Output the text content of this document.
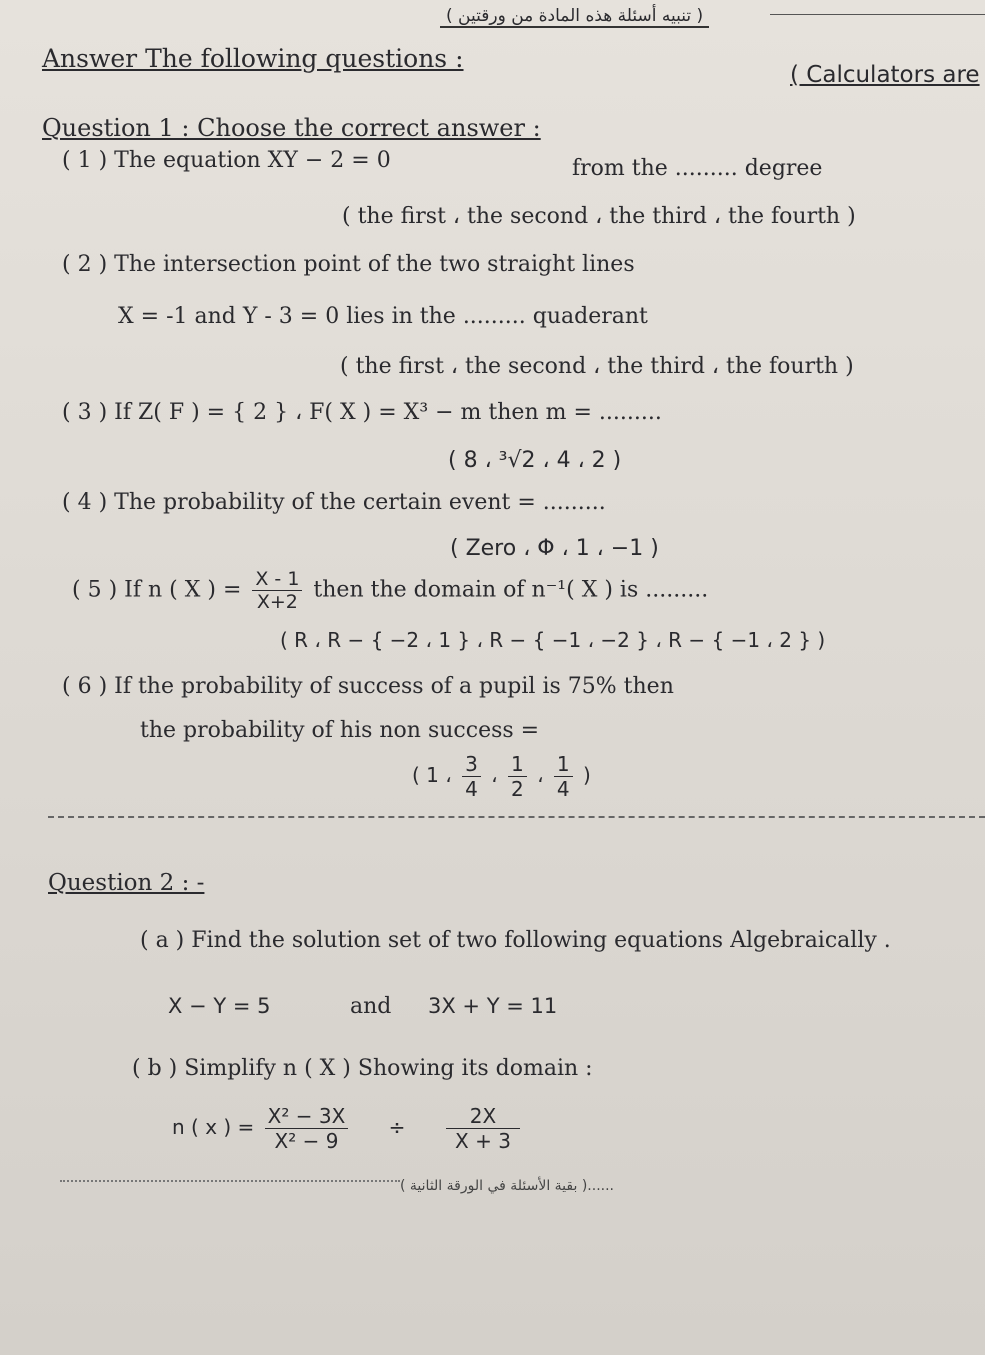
( تنبيه أسئلة هذه المادة من ورقتين )
Answer The following questions :
( Calculators are
Question 1 : Choose the correct answer :
( 1 ) The equation XY − 2 = 0	from the ......... degree
( the first ، the second ، the third ، the fourth )
( 2 ) The intersection point of the two straight lines
X = -1 and Y - 3 = 0 lies in the ......... quaderant
( the first ، the second ، the third ، the fourth )
( 3 ) If Z( F ) = { 2 } ، F( X ) = X³ − m then m = .........
( 8 ، ³√2 ، 4 ، 2 )
( 4 ) The probability of the certain event = .........
( Zero ، Φ ، 1 ، −1 )
( 5 ) If n ( X ) = $\frac{X - 1}{X+2}$ then the domain of n⁻¹( X ) is .........
( R ، R − { −2 ، 1 } ، R − { −1 ، −2 } ، R − { −1 ، 2 } )
( 6 ) If the probability of success of a pupil is 75% then
the probability of his non success =
( 1 ، $\frac{3}{4}$ ، $\frac{1}{2}$ ، $\frac{1}{4}$ )
Question 2 : -
( a ) Find the solution set of two following equations Algebraically .
X − Y = 5	and 3X + Y = 11
( b ) Simplify n ( X ) Showing its domain :
n ( x ) = $\frac{\text{X² − 3X}}{\text{X² − 9}} \div \frac{2X}{X + 3}$
( بقية الأسئلة في الورقة الثانية )......
